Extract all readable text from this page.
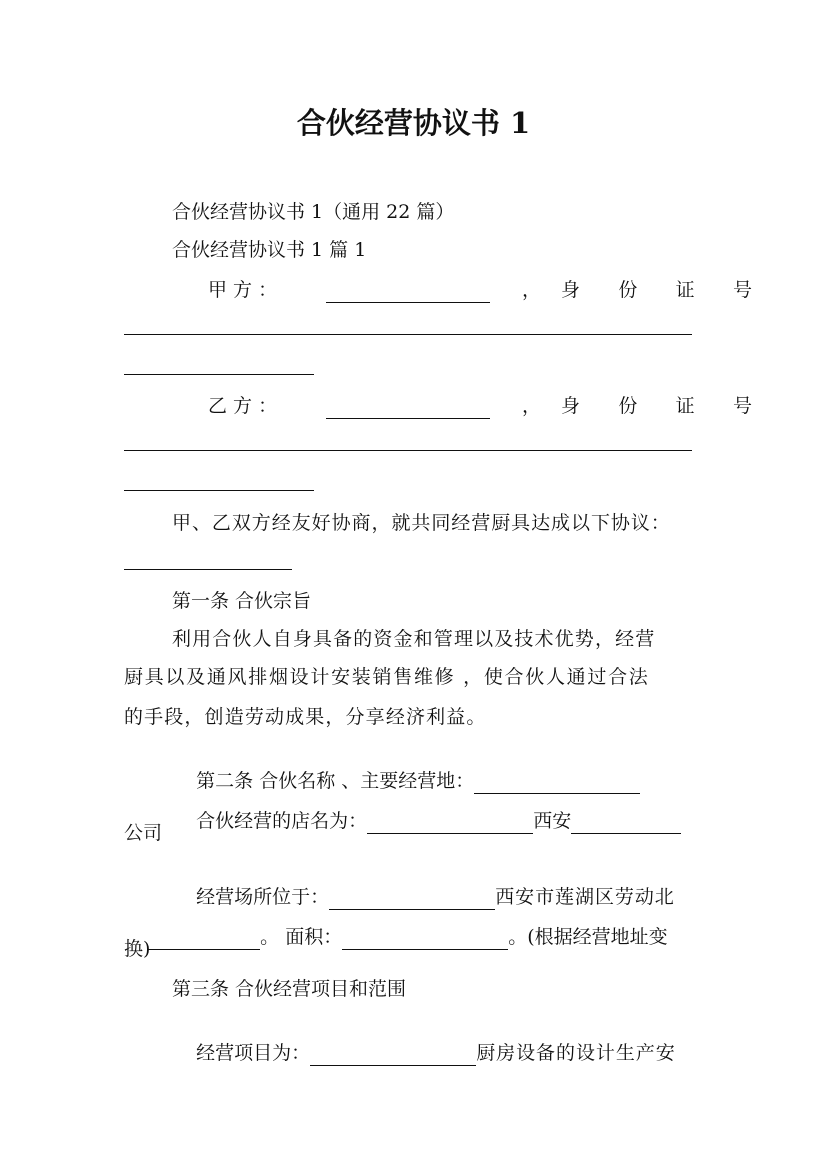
合伙经营协议书 1
合伙经营协议书 1（通用 22 篇）
合伙经营协议书 1 篇 1
甲 方 ：	， 身 份 证 号
乙 方 ：	， 身 份 证 号
甲、乙双方经友好协商，就共同经营厨具达成以下协议：
第一条 合伙宗旨
利用合伙人自身具备的资金和管理以及技术优势，经营
厨具以及通风排烟设计安装销售维修 ，使合伙人通过合法
的手段，创造劳动成果，分享经济利益。

第二条 合伙名称 、主要经营地：

合伙经营的店名为：	西安

公司

经营场所位于：	西安市莲湖区劳动北

。 面积：	。(根据经营地址变

换)
第三条 合伙经营项目和范围

经营项目为：	厨房设备的设计生产安
